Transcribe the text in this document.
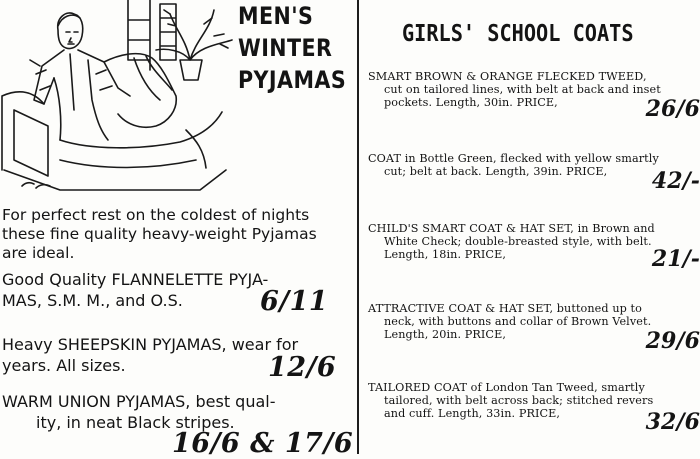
MEN'S
WINTER
PYJAMAS
For perfect rest on the coldest of nights
these fine quality heavy-weight Pyjamas
are ideal.
Good Quality FLANNELETTE PYJA-
MAS, S.M. M., and O.S.	6/11
Heavy SHEEPSKIN PYJAMAS, wear for
years. All sizes.	12/6
WARM UNION PYJAMAS, best qual-
ity, in neat Black stripes.
16/6 & 17/6
GIRLS' SCHOOL COATS
SMART BROWN & ORANGE FLECKED TWEED,
cut on tailored lines, with belt at back and inset
pockets. Length, 30in. PRICE,	26/6
COAT in Bottle Green, flecked with yellow smartly
cut; belt at back. Length, 39in. PRICE,	42/-
CHILD'S SMART COAT & HAT SET, in Brown and
White Check; double-breasted style, with belt.
Length, 18in. PRICE,	21/-
ATTRACTIVE COAT & HAT SET, buttoned up to
neck, with buttons and collar of Brown Velvet.
Length, 20in. PRICE,	29/6
TAILORED COAT of London Tan Tweed, smartly
tailored, with belt across back; stitched revers
and cuff. Length, 33in. PRICE,	32/6
